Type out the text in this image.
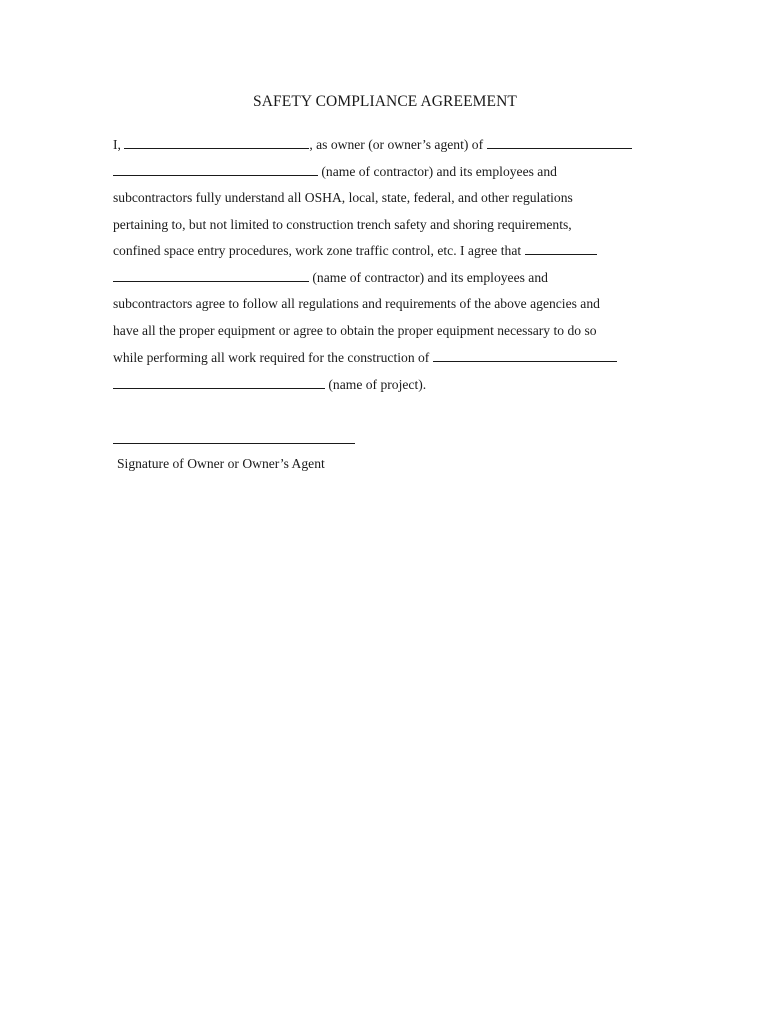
SAFETY COMPLIANCE AGREEMENT

I,	, as owner (or owner’s agent) of

(name of contractor) and its employees and

subcontractors fully understand all OSHA, local, state, federal, and other regulations

pertaining to, but not limited to construction trench safety and shoring requirements,

confined space entry procedures, work zone traffic control, etc. I agree that

(name of contractor) and its employees and

subcontractors agree to follow all regulations and requirements of the above agencies and

have all the proper equipment or agree to obtain the proper equipment necessary to do so

while performing all work required for the construction of

(name of project).

Signature of Owner or Owner’s Agent
